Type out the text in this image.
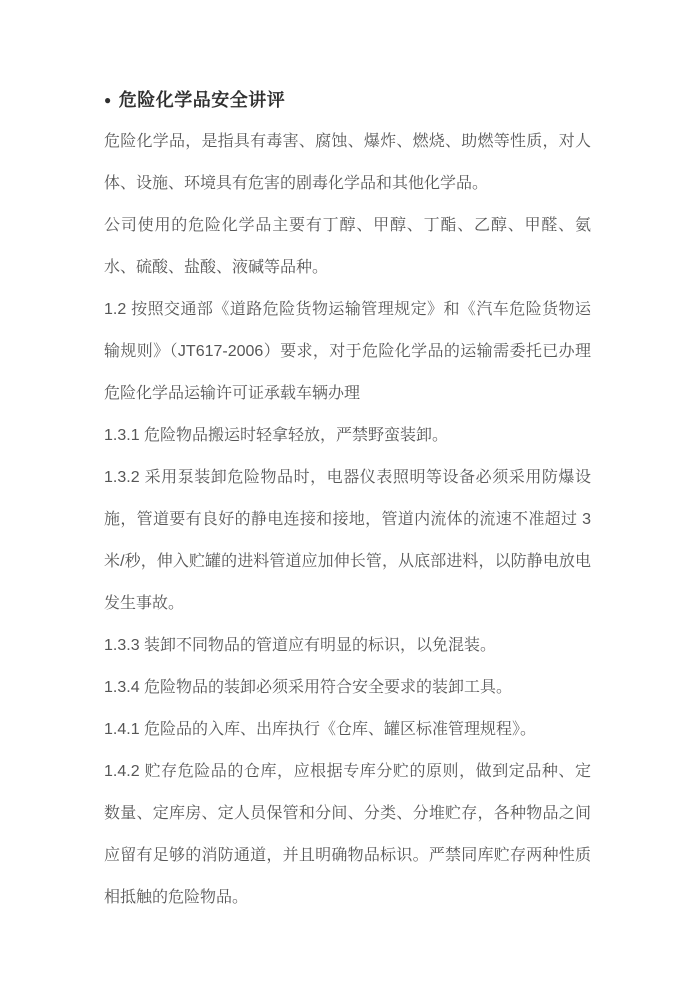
● 危险化学品安全讲评

危险化学品，是指具有毒害、腐蚀、爆炸、燃烧、助燃等性质，对人体、设施、环境具有危害的剧毒化学品和其他化学品。

公司使用的危险化学品主要有丁醇、甲醇、丁酯、乙醇、甲醛、氨水、硫酸、盐酸、液碱等品种。

1.2 按照交通部《道路危险货物运输管理规定》和《汽车危险货物运输规则》（JT617-2006）要求，对于危险化学品的运输需委托已办理危险化学品运输许可证承载车辆办理

1.3.1 危险物品搬运时轻拿轻放，严禁野蛮装卸。

1.3.2 采用泵装卸危险物品时，电器仪表照明等设备必须采用防爆设施，管道要有良好的静电连接和接地，管道内流体的流速不准超过 3 米/秒，伸入贮罐的进料管道应加伸长管，从底部进料，以防静电放电发生事故。

1.3.3 装卸不同物品的管道应有明显的标识，以免混装。

1.3.4 危险物品的装卸必须采用符合安全要求的装卸工具。

1.4.1 危险品的入库、出库执行《仓库、罐区标准管理规程》。

1.4.2 贮存危险品的仓库，应根据专库分贮的原则，做到定品种、定数量、定库房、定人员保管和分间、分类、分堆贮存，各种物品之间应留有足够的消防通道，并且明确物品标识。严禁同库贮存两种性质相抵触的危险物品。
